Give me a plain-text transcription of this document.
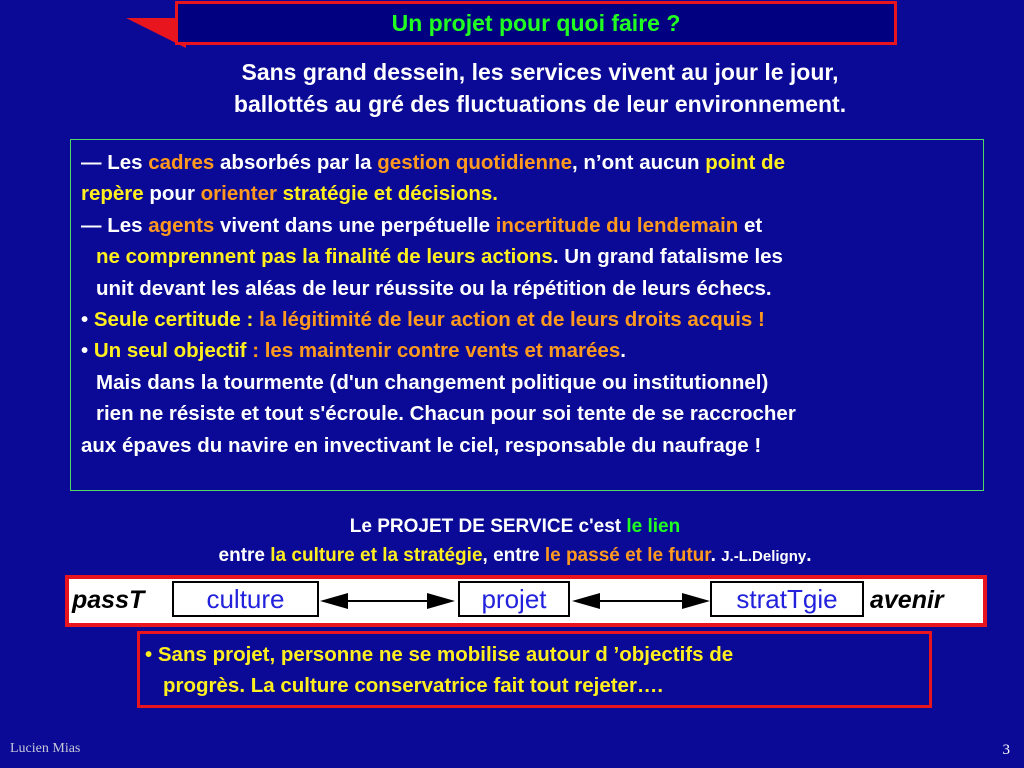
Un projet pour quoi faire ?
Sans grand dessein, les services vivent au jour le jour,
ballottés au gré des fluctuations de leur environnement.
— Les cadres absorbés par la gestion quotidienne, n’ont aucun point de
repère pour orienter stratégie et décisions.
— Les agents vivent dans une perpétuelle incertitude du lendemain et
ne comprennent pas la finalité de leurs actions. Un grand fatalisme les
unit devant les aléas de leur réussite ou la répétition de leurs échecs.
• Seule certitude : la légitimité de leur action et de leurs droits acquis !
• Un seul objectif : les maintenir contre vents et marées.
Mais dans la tourmente (d'un changement politique ou institutionnel)
rien ne résiste et tout s'écroule. Chacun pour soi tente de se raccrocher
aux épaves du navire en invectivant le ciel, responsable du naufrage !
Le PROJET DE SERVICE c'est le lien
entre la culture et la stratégie, entre le passé et le futur. J.-L.Deligny.
passТ	culture	projet	stratТgie	avenir
• Sans projet, personne ne se mobilise autour d ’objectifs de
progrès. La culture conservatrice fait tout rejeter….
Lucien Mias	3
